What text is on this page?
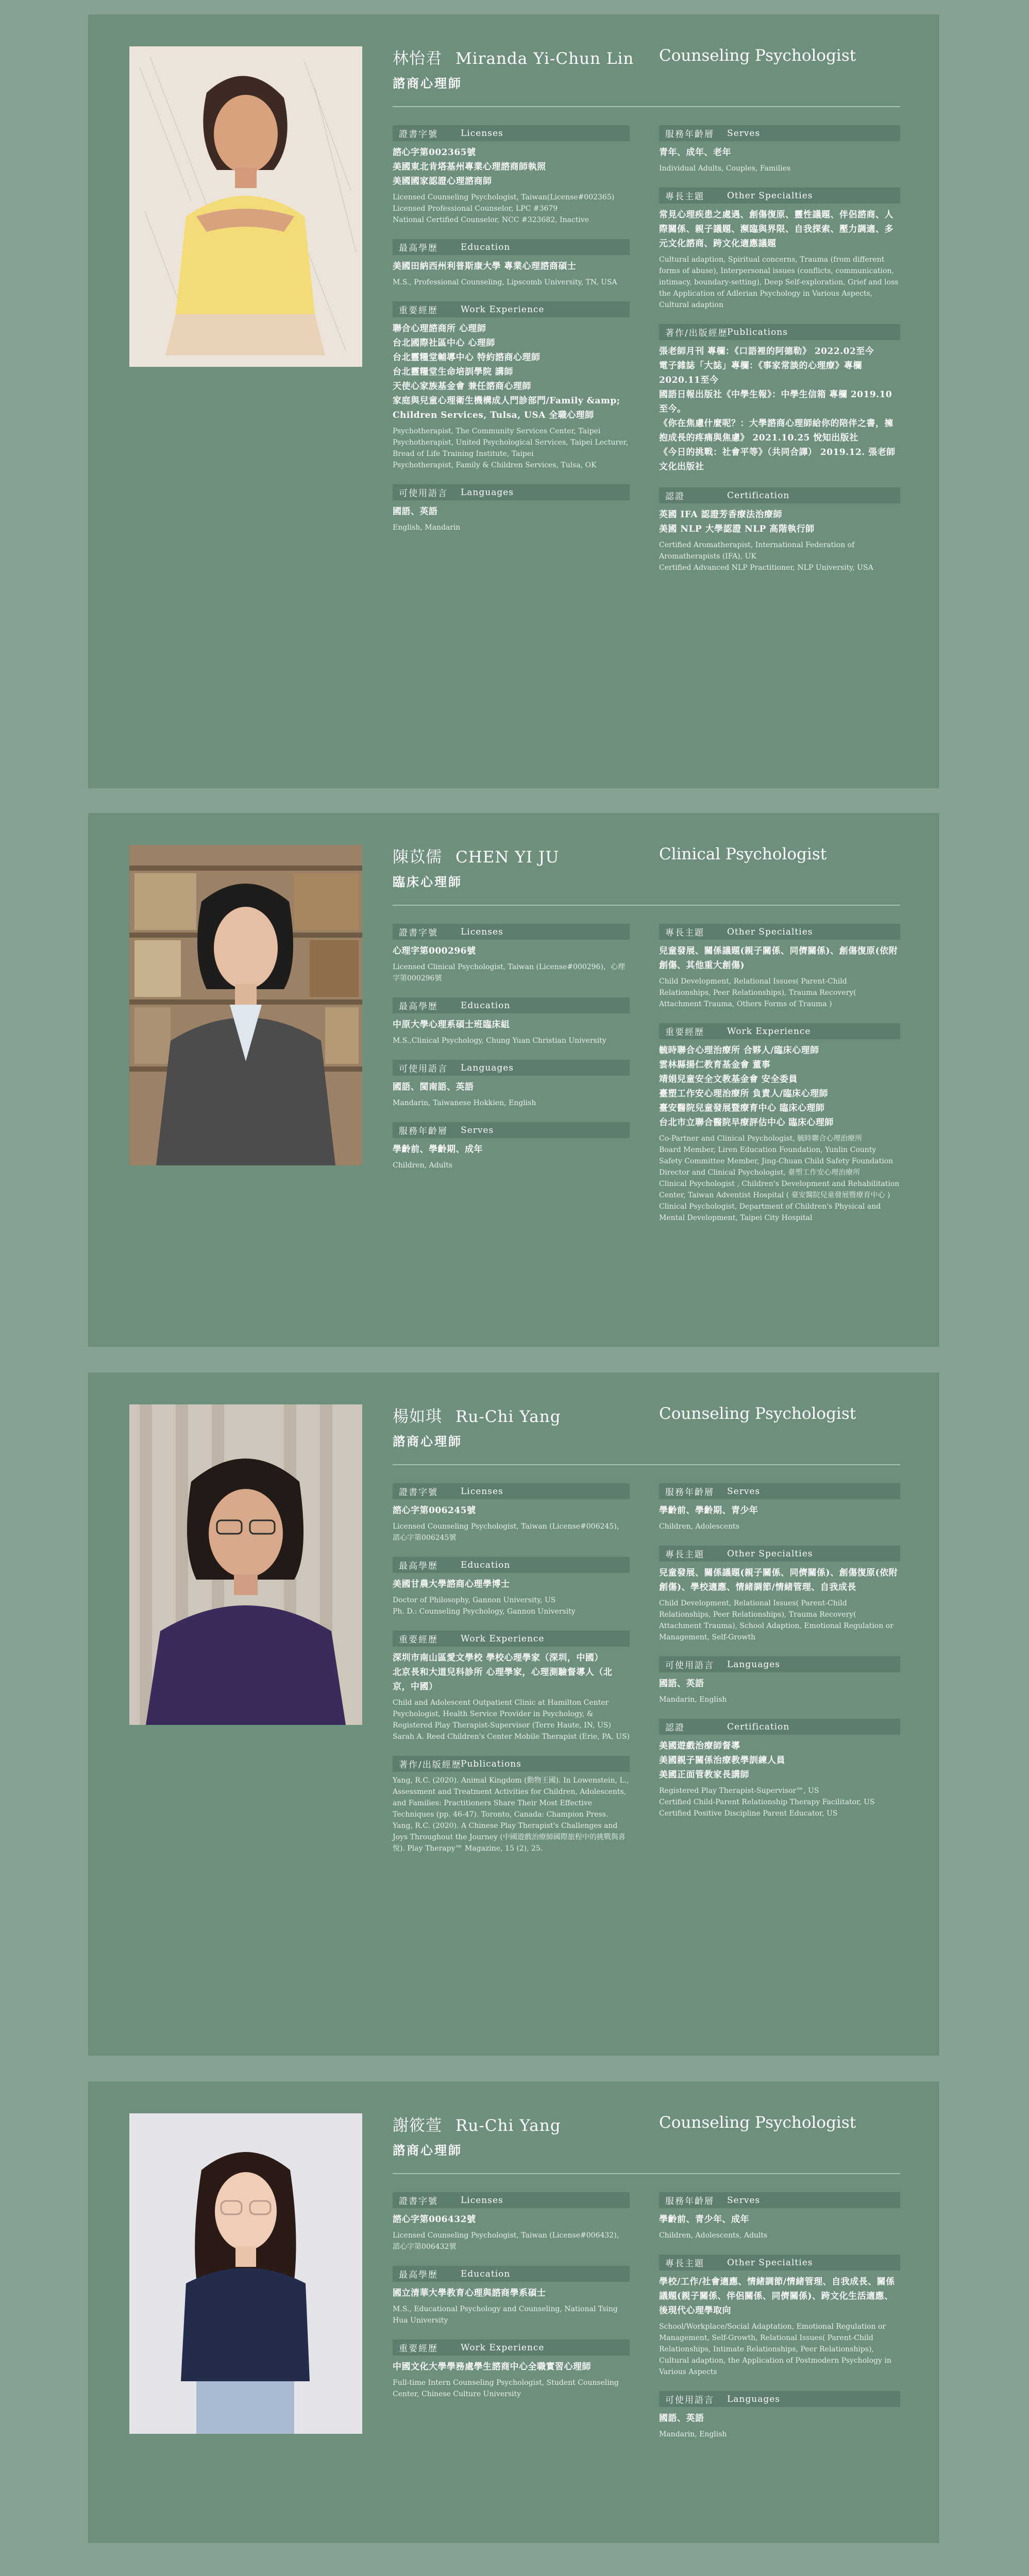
林怡君 Miranda Yi-Chun Lin Counseling Psychologist
諮商心理師
證書字號	Licenses
諮心字第002365號
美國東北肯塔基州專業心理諮商師執照
美國國家認證心理諮商師
Licensed Counseling Psychologist, Taiwan(License#002365)
Licensed Professional Counselor, LPC #3679
National Certified Counselor, NCC #323682, Inactive
最高學歷	Education
美國田納西州利普斯康大學 專業心理諮商碩士
M.S., Professional Counseling, Lipscomb University, TN, USA
重要經歷	Work Experience
聯合心理諮商所 心理師
台北國際社區中心 心理師
台北靈糧堂輔導中心 特約諮商心理師
台北靈糧堂生命培訓學院 講師
天使心家族基金會 兼任諮商心理師
家庭與兒童心理衛生機構成人門診部門/Family &amp; Children Services, Tulsa, USA 全職心理師
Psychotherapist, The Community Services Center, Taipei
Psychotherapist, United Psychological Services, Taipei Lecturer, Bread of Life Training Institute, Taipei
Psychotherapist, Family & Children Services, Tulsa, OK
可使用語言	Languages
國語、英語
English, Mandarin
服務年齡層	Serves
青年、成年、老年
Individual Adults, Couples, Families
專長主題	Other Specialties
常見心理疾患之處遇、創傷復原、靈性議題、伴侶諮商、人際關係、親子議題、濒臨與界限、自我探索、壓力調適、多元文化諮商、跨文化適應議題
Cultural adaption, Spiritual concerns, Trauma (from different forms of abuse), Interpersonal issues (conflicts, communication, intimacy, boundary-setting), Deep Self-exploration, Grief and loss
the Application of Adlerian Psychology in Various Aspects, Cultural adaption
著作/出版經歷
Publications
張老師月刊 專欄：《口語裡的阿德勒》 2022.02至今
電子雜誌「大誌」專欄：《事家常談的心理療》專欄 2020.11至今
國語日報出版社《中學生報》：中學生信箱 專欄 2019.10至今。
《你在焦慮什麼呢？：大學諮商心理師給你的陪伴之書，擁抱成長的疼痛與焦慮》 2021.10.25 悅知出版社
《今日的挑戰：社會平等》（共同合譯） 2019.12. 張老師文化出版社
認證	Certification
英國 IFA 認證芳香療法治療師
美國 NLP 大學認證 NLP 高階執行師
Certified Aromatherapist, International Federation of Aromatherapists (IFA), UK
Certified Advanced NLP Practitioner, NLP University, USA
陳苡儒 CHEN YI JU	Clinical Psychologist
臨床心理師
證書字號	Licenses
心理字第000296號
Licensed Clinical Psychologist, Taiwan (License#000296)，心理字第000296號
最高學歷	Education
中原大學心理系碩士班臨床組
M.S.,Clinical Psychology, Chung Yuan Christian University
可使用語言	Languages
國語、閩南語、英語
Mandarin, Taiwanese Hokkien, English
服務年齡層	Serves
學齡前、學齡期、成年
Children, Adults
專長主題	Other Specialties
兒童發展、關係議題(親子關係、同儕關係)、創傷復原(依附創傷、其他重大創傷)
Child Development, Relational Issues( Parent-Child Relationships, Peer Relationships), Trauma Recovery( Attachment Trauma, Others Forms of Trauma )
重要經歷	Work Experience
毓時聯合心理治療所 合夥人/臨床心理師
雲林縣揚仁教育基金會 董事
靖娟兒童安全文教基金會 安全委員
臺塑工作安心理治療所 負責人/臨床心理師
臺安醫院兒童發展暨療育中心 臨床心理師
台北市立聯合醫院早療評估中心 臨床心理師
Co-Partner and Clinical Psychologist, 毓時聯合心理治療所
Board Member, Liren Education Foundation, Yunlin County
Safety Committee Member, Jing-Chuan Child Safety Foundation
Director and Clinical Psychologist, 臺塑工作安心理治療所
Clinical Psychologist , Children's Development and Rehabilitation Center, Taiwan Adventist Hospital ( 臺安醫院兒童發展暨療育中心 )
Clinical Psychologist, Department of Children's Physical and Mental Development, Taipei City Hospital
楊如琪 Ru-Chi Yang	Counseling Psychologist
諮商心理師
證書字號	Licenses
諮心字第006245號
Licensed Counseling Psychologist, Taiwan (License#006245)，諮心字第006245號
最高學歷	Education
美國甘農大學諮商心理學博士
Doctor of Philosophy, Gannon University, US
Ph. D.: Counseling Psychology, Gannon University
重要經歷	Work Experience
深圳市南山區愛文學校 學校心理學家（深圳，中國）
北京長和大道兒科診所 心理學家，心理測驗督導人（北京，中國）
Child and Adolescent Outpatient Clinic at Hamilton Center Psychologist, Health Service Provider in Psychology, & Registered Play Therapist-Supervisor (Terre Haute, IN, US)
Sarah A. Reed Children's Center Mobile Therapist (Erie, PA, US)
著作/出版經歷
Publications
Yang, R.C. (2020). Animal Kingdom (動物王國). In Lowenstein, L., Assessment and Treatment Activities for Children, Adolescents, and Families: Practitioners Share Their Most Effective Techniques (pp. 46-47). Toronto, Canada: Champion Press.
Yang, R.C. (2020). A Chinese Play Therapist's Challenges and Joys Throughout the Journey (中國遊戲治療師國際旅程中的挑戰與喜悅). Play Therapy™ Magazine, 15 (2), 25.
服務年齡層	Serves
學齡前、學齡期、青少年
Children, Adolescents
專長主題	Other Specialties
兒童發展、關係議題(親子關係、同儕關係)、創傷復原(依附創傷)、學校適應、情緒調節/情緒管理、自我成長
Child Development, Relational Issues( Parent-Child Relationships, Peer Relationships), Trauma Recovery( Attachment Trauma), School Adaption, Emotional Regulation or Management, Self-Growth
可使用語言	Languages
國語、英語
Mandarin, English
認證	Certification
美國遊戲治療師督導
美國親子關係治療教學訓練人員
美國正面管教家長講師
Registered Play Therapist-Supervisor™, US
Certified Child-Parent Relationship Therapy Facilitator, US
Certified Positive Discipline Parent Educator, US
謝筱萱 Ru-Chi Yang	Counseling Psychologist
諮商心理師
證書字號	Licenses
諮心字第006432號
Licensed Counseling Psychologist, Taiwan (License#006432)，諮心字第006432號
最高學歷	Education
國立清華大學教育心理與諮商學系碩士
M.S., Educational Psychology and Counseling, National Tsing Hua University
重要經歷	Work Experience
中國文化大學學務處學生諮商中心全職實習心理師
Full-time Intern Counseling Psychologist, Student Counseling Center, Chinese Culture University
服務年齡層	Serves
學齡前、青少年、成年
Children, Adolescents, Adults
專長主題	Other Specialties
學校/工作/社會適應、情緒調節/情緒管理、自我成長、關係議題(親子關係、伴侶關係、同儕關係)、跨文化生活適應、後現代心理學取向
School/Workplace/Social Adaptation, Emotional Regulation or Management, Self-Growth, Relational Issues( Parent-Child Relationships, Intimate Relationships, Peer Relationships), Cultural adaption, the Application of Postmodern Psychology in Various Aspects
可使用語言	Languages
國語、英語
Mandarin, English
